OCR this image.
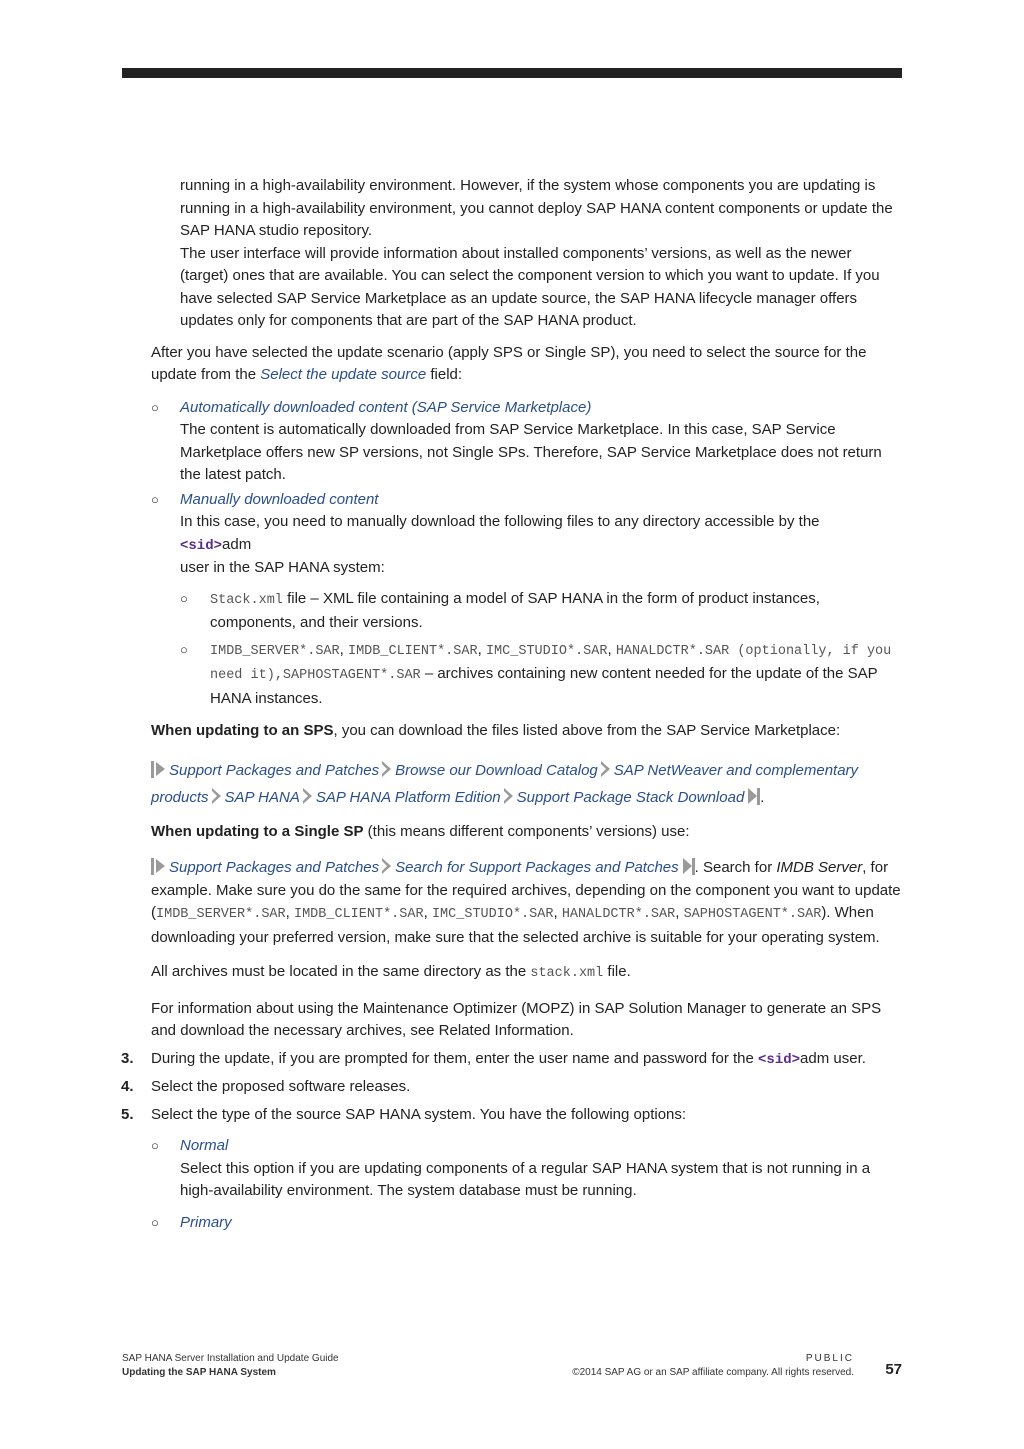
running in a high-availability environment. However, if the system whose components you are updating is running in a high-availability environment, you cannot deploy SAP HANA content components or update the SAP HANA studio repository.

The user interface will provide information about installed components’ versions, as well as the newer (target) ones that are available. You can select the component version to which you want to update. If you have selected SAP Service Marketplace as an update source, the SAP HANA lifecycle manager offers updates only for components that are part of the SAP HANA product.

After you have selected the update scenario (apply SPS or Single SP), you need to select the source for the update from the Select the update source field:

○ Automatically downloaded content (SAP Service Marketplace)
The content is automatically downloaded from SAP Service Marketplace. In this case, SAP Service Marketplace offers new SP versions, not Single SPs. Therefore, SAP Service Marketplace does not return the latest patch.
○ Manually downloaded content
In this case, you need to manually download the following files to any directory accessible by the
<sid>adm
user in the SAP HANA system:
○ Stack.xml file – XML file containing a model of SAP HANA in the form of product instances, components, and their versions.
○ IMDB_SERVER*.SAR, IMDB_CLIENT*.SAR, IMC_STUDIO*.SAR, HANALDCTR*.SAR (optionally, if you need it),SAPHOSTAGENT*.SAR – archives containing new content needed for the update of the SAP HANA instances.

When updating to an SPS, you can download the files listed above from the SAP Service Marketplace:

Support Packages and Patches Browse our Download Catalog SAP NetWeaver and complementary products SAP HANA SAP HANA Platform Edition Support Package Stack Download .

When updating to a Single SP (this means different components’ versions) use:

Support Packages and Patches Search for Support Packages and Patches . Search for IMDB Server, for example. Make sure you do the same for the required archives, depending on the component you want to update (IMDB_SERVER*.SAR, IMDB_CLIENT*.SAR, IMC_STUDIO*.SAR, HANALDCTR*.SAR, SAPHOSTAGENT*.SAR). When downloading your preferred version, make sure that the selected archive is suitable for your operating system.

All archives must be located in the same directory as the stack.xml file.

For information about using the Maintenance Optimizer (MOPZ) in SAP Solution Manager to generate an SPS and download the necessary archives, see Related Information.

3. During the update, if you are prompted for them, enter the user name and password for the <sid>adm user.
4. Select the proposed software releases.
5. Select the type of the source SAP HANA system. You have the following options:
○ Normal
Select this option if you are updating components of a regular SAP HANA system that is not running in a high-availability environment. The system database must be running.
○ Primary
SAP HANA Server Installation and Update Guide
Updating the SAP HANA System
PUBLIC
©2014 SAP AG or an SAP affiliate company. All rights reserved. 57
